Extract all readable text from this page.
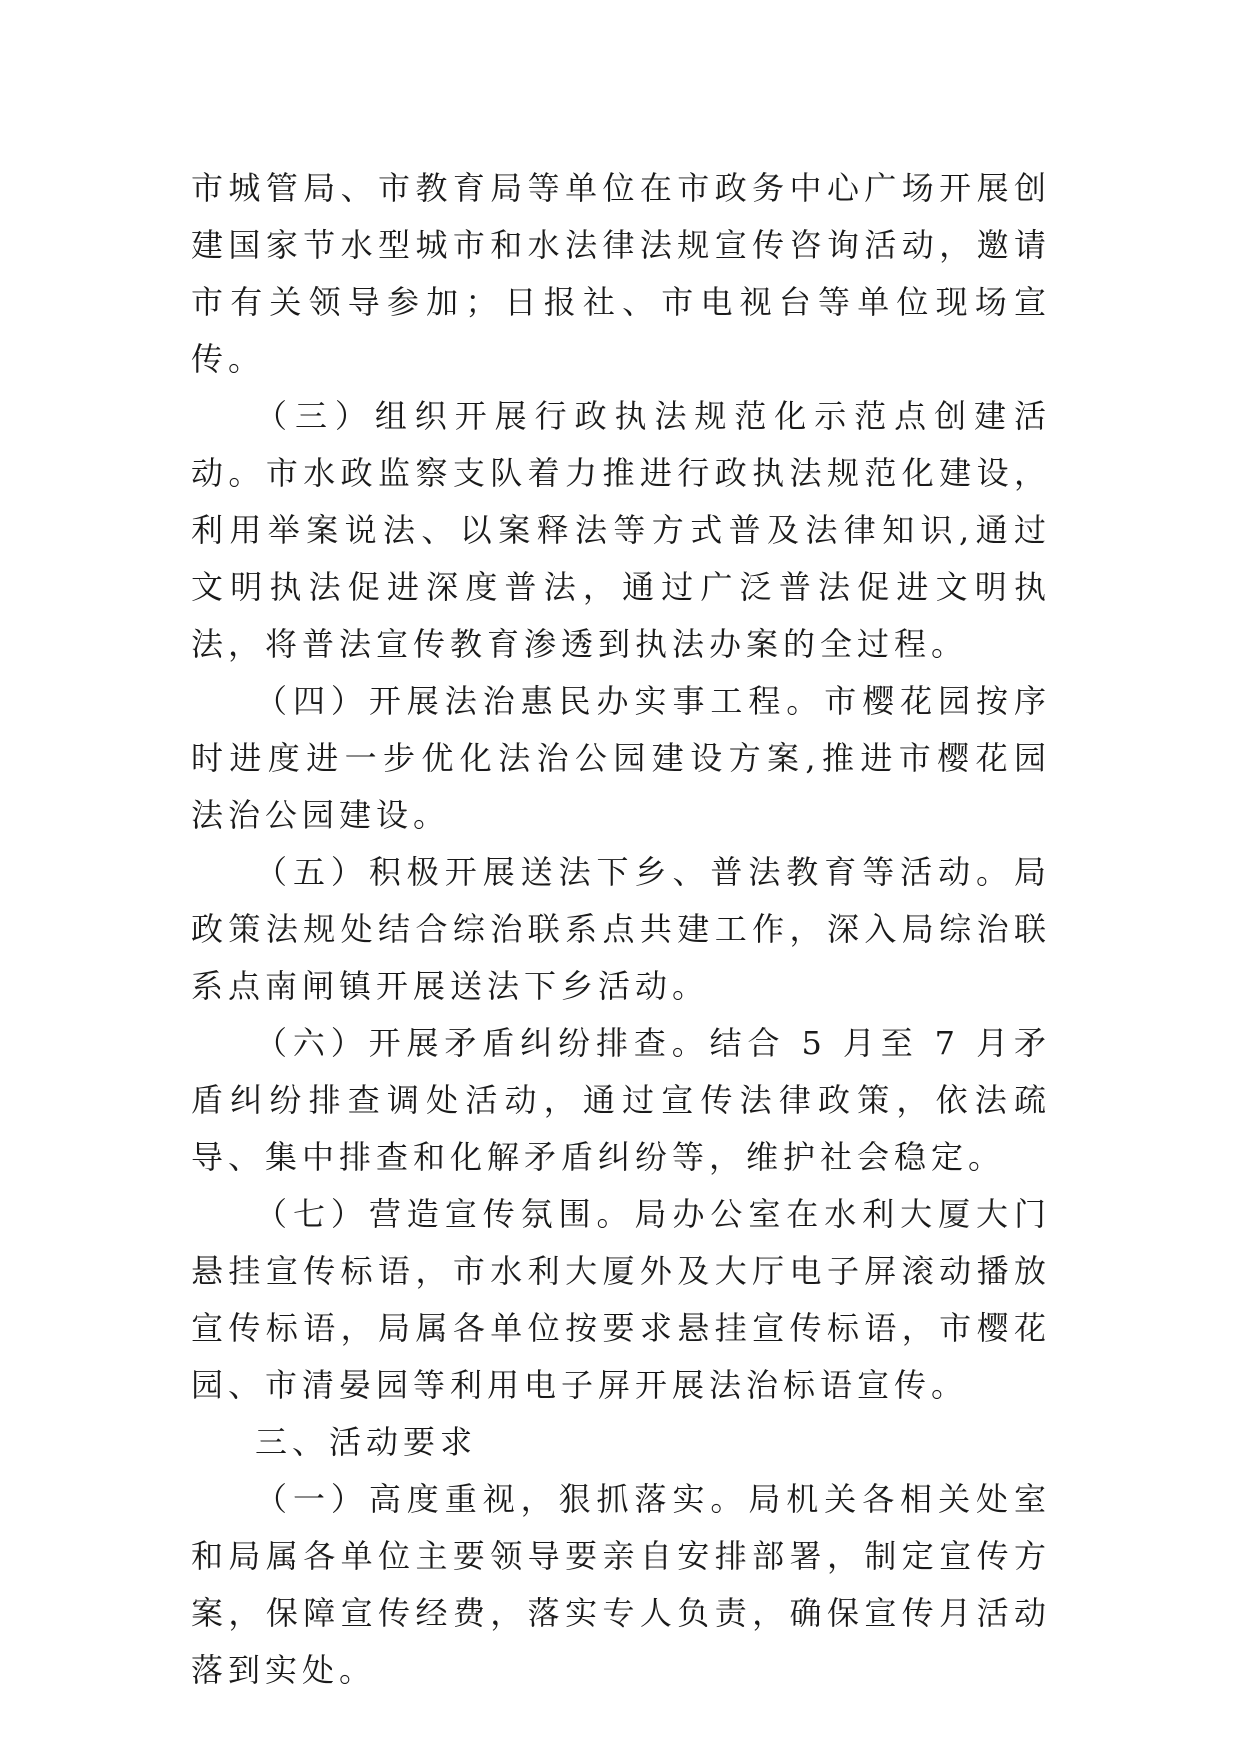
市城管局、市教育局等单位在市政务中心广场开展创建国家节水型城市和水法律法规宣传咨询活动，邀请市有关领导参加；日报社、市电视台等单位现场宣传。

（三）组织开展行政执法规范化示范点创建活动。市水政监察支队着力推进行政执法规范化建设，利用举案说法、以案释法等方式普及法律知识,通过文明执法促进深度普法，通过广泛普法促进文明执法，将普法宣传教育渗透到执法办案的全过程。

（四）开展法治惠民办实事工程。市樱花园按序时进度进一步优化法治公园建设方案,推进市樱花园法治公园建设。

（五）积极开展送法下乡、普法教育等活动。局政策法规处结合综治联系点共建工作，深入局综治联系点南闸镇开展送法下乡活动。

（六）开展矛盾纠纷排查。结合 5 月至 7 月矛盾纠纷排查调处活动，通过宣传法律政策，依法疏导、集中排查和化解矛盾纠纷等，维护社会稳定。

（七）营造宣传氛围。局办公室在水利大厦大门悬挂宣传标语，市水利大厦外及大厅电子屏滚动播放宣传标语，局属各单位按要求悬挂宣传标语，市樱花园、市清晏园等利用电子屏开展法治标语宣传。

三、活动要求

（一）高度重视，狠抓落实。局机关各相关处室和局属各单位主要领导要亲自安排部署，制定宣传方案，保障宣传经费，落实专人负责，确保宣传月活动落到实处。
